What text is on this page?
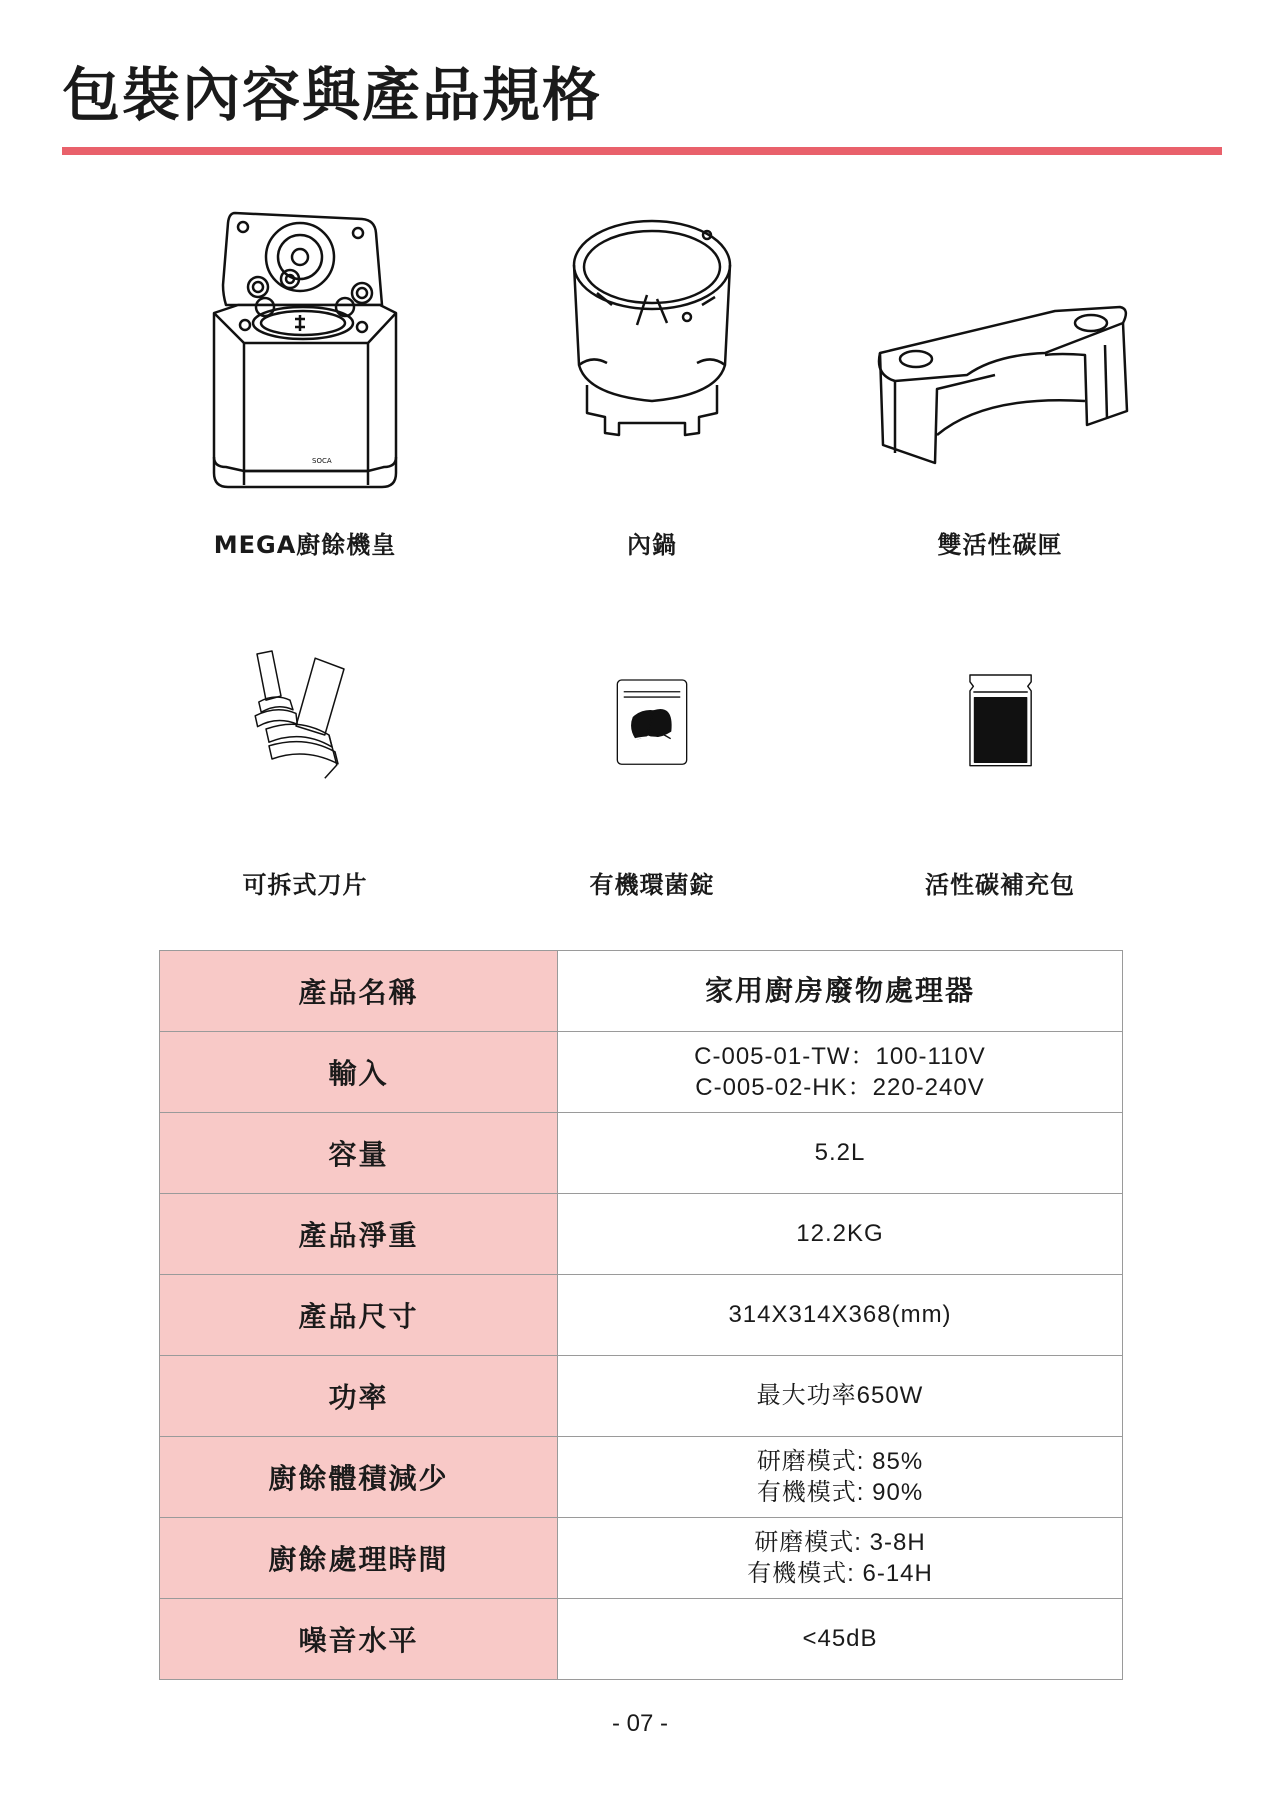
包裝內容與產品規格
SOCA
MEGA廚餘機皇	內鍋	雙活性碳匣
可拆式刀片	有機環菌錠	活性碳補充包
產品名稱	家用廚房廢物處理器

輸入	C-005-01-TW：100-110V
C-005-02-HK：220-240V

容量	5.2L

產品淨重	12.2KG

產品尺寸	314X314X368(mm)

功率	最大功率650W

廚餘體積減少	研磨模式: 85%
有機模式: 90%

廚餘處理時間	研磨模式: 3-8H
有機模式: 6-14H

噪音水平	<45dB
- 07 -
